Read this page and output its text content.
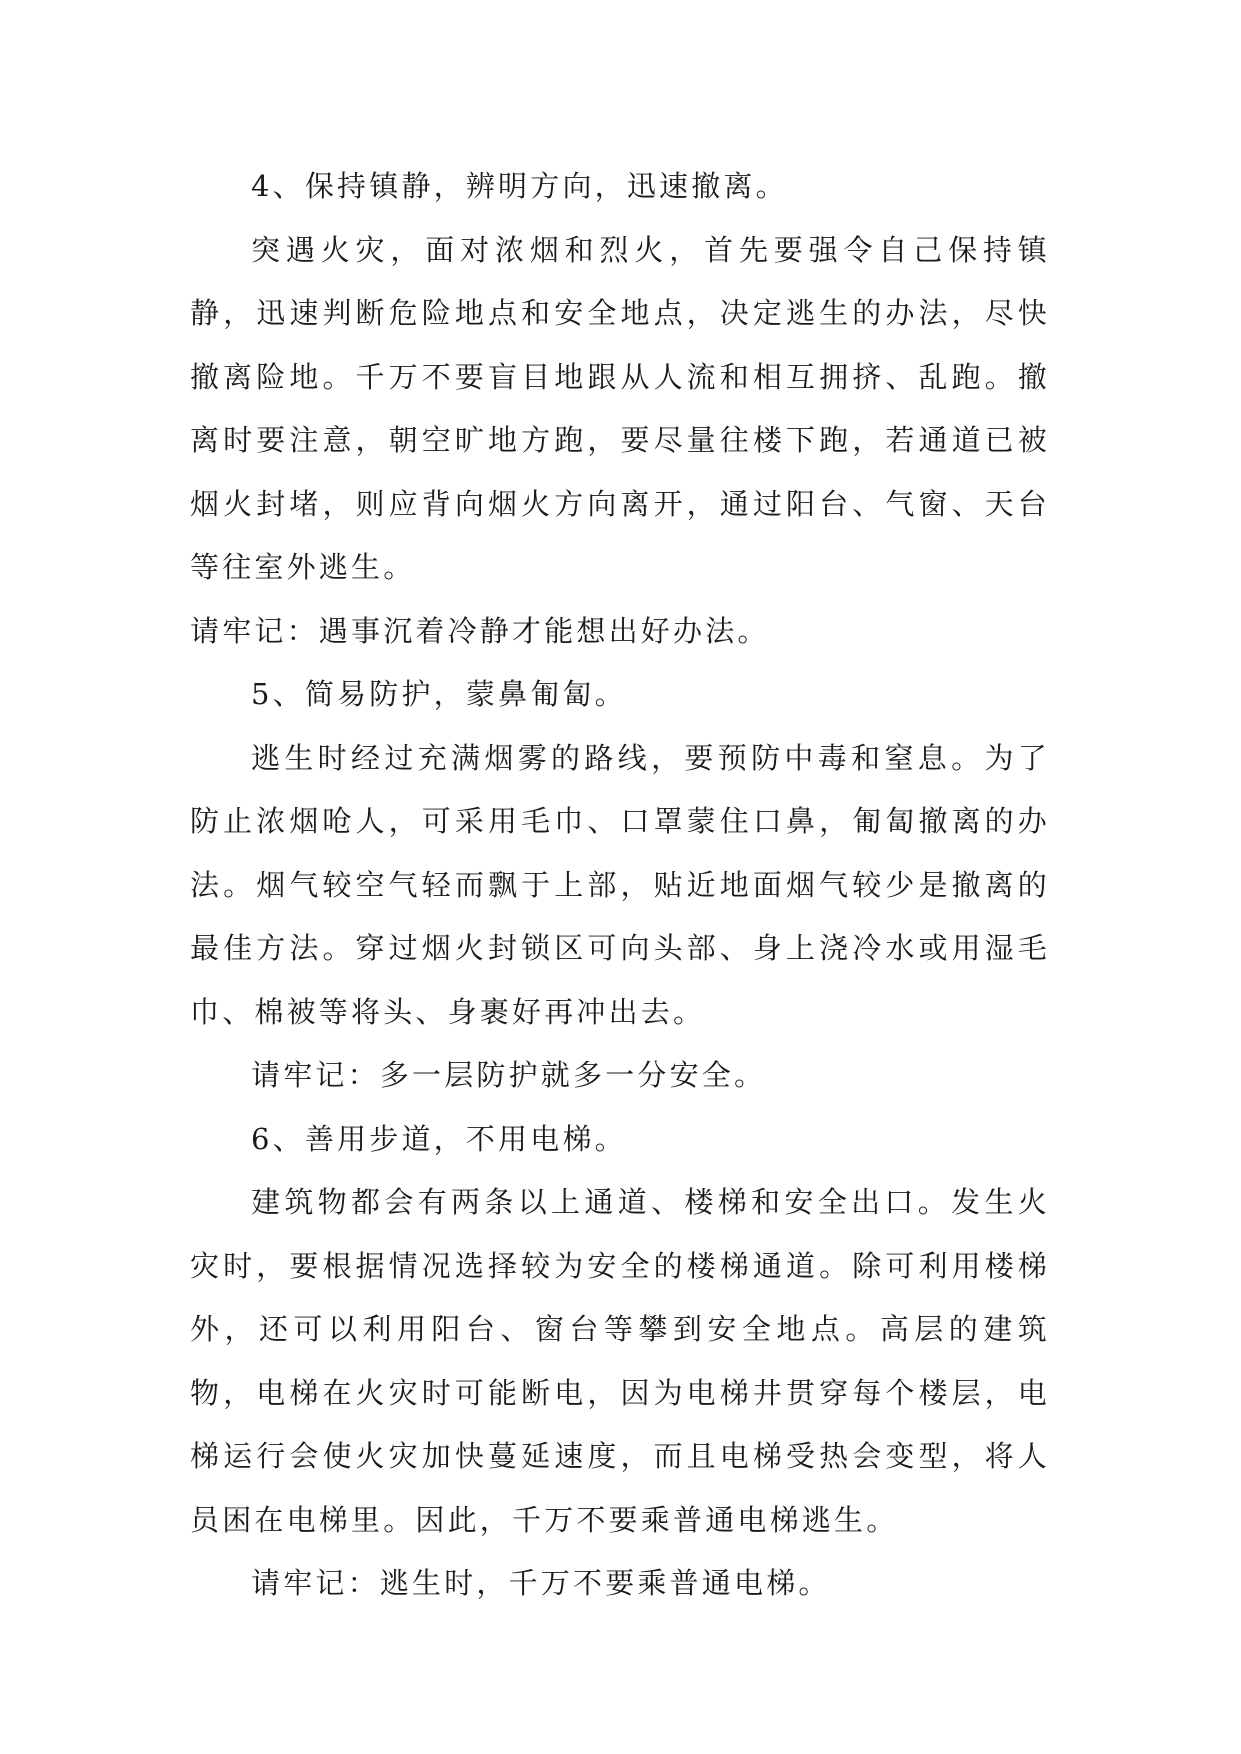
4、保持镇静，辨明方向，迅速撤离。

突遇火灾，面对浓烟和烈火，首先要强令自己保持镇静，迅速判断危险地点和安全地点，决定逃生的办法，尽快撤离险地。千万不要盲目地跟从人流和相互拥挤、乱跑。撤离时要注意，朝空旷地方跑，要尽量往楼下跑，若通道已被烟火封堵，则应背向烟火方向离开，通过阳台、气窗、天台等往室外逃生。

请牢记：遇事沉着冷静才能想出好办法。

5、简易防护，蒙鼻匍匐。

逃生时经过充满烟雾的路线，要预防中毒和窒息。为了防止浓烟呛人，可采用毛巾、口罩蒙住口鼻，匍匐撤离的办法。烟气较空气轻而飘于上部，贴近地面烟气较少是撤离的最佳方法。穿过烟火封锁区可向头部、身上浇冷水或用湿毛巾、棉被等将头、身裹好再冲出去。

请牢记：多一层防护就多一分安全。

6、善用步道，不用电梯。

建筑物都会有两条以上通道、楼梯和安全出口。发生火灾时，要根据情况选择较为安全的楼梯通道。除可利用楼梯外，还可以利用阳台、窗台等攀到安全地点。高层的建筑物，电梯在火灾时可能断电，因为电梯井贯穿每个楼层，电梯运行会使火灾加快蔓延速度，而且电梯受热会变型，将人员困在电梯里。因此，千万不要乘普通电梯逃生。

请牢记：逃生时，千万不要乘普通电梯。
